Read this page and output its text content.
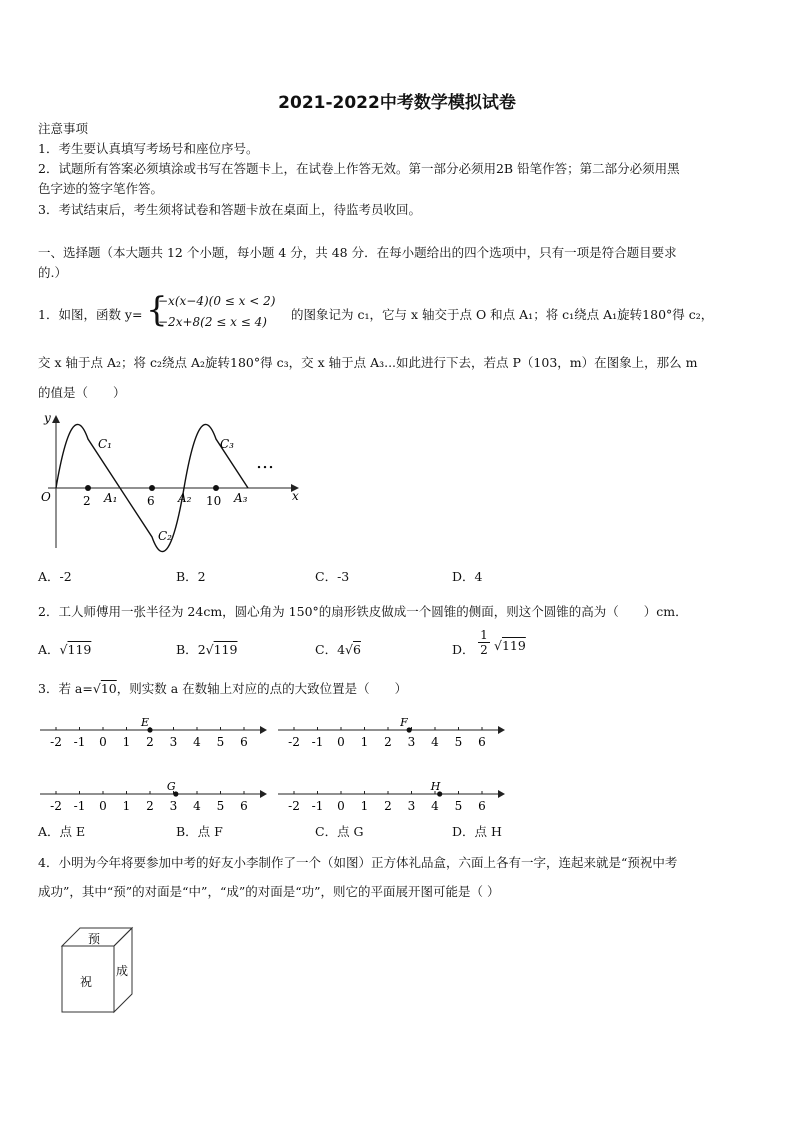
2021-2022中考数学模拟试卷
注意事项
1．考生要认真填写考场号和座位序号。
2．试题所有答案必须填涂或书写在答题卡上，在试卷上作答无效。第一部分必须用2B 铅笔作答；第二部分必须用黑
色字迹的签字笔作答。
3．考试结束后，考生须将试卷和答题卡放在桌面上，待监考员收回。
一、选择题（本大题共 12 个小题，每小题 4 分，共 48 分．在每小题给出的四个选项中，只有一项是符合题目要求
的.）
1．如图，函数 y= {
−x(x−4)(0 ≤ x < 2)
−2x+8(2 ≤ x ≤ 4) 的图象记为 c₁，它与 x 轴交于点 O 和点 A₁；将 c₁绕点 A₁旋转180°得 c₂，
交 x 轴于点 A₂；将 c₂绕点 A₂旋转180°得 c₃，交 x 轴于点 A₃...如此进行下去，若点 P（103，m）在图象上，那么 m
的值是（　　）
y
x
O	2	6	10
A₁	A₂	A₃
C₁
C₂
C₃
…
A．-2	B．2	C．-3	D．4
2．工人师傅用一张半径为 24cm，圆心角为 150°的扇形铁皮做成一个圆锥的侧面，则这个圆锥的高为（　　）cm．
A．√119	B．2√119	C．4√6	D． $\frac{1}{2} √119$
3．若 a=√10，则实数 a 在数轴上对应的点的大致位置是（　　）
-2 -1 0 1 2 3 4 5 6
E
-2 -1 0 1 2 3 4 5 6
F
-2 -1 0 1 2 3 4 5 6
G
-2 -1 0 1 2 3 4 5 6
H
A．点 E	B．点 F	C．点 G	D．点 H
4．小明为今年将要参加中考的好友小李制作了一个（如图）正方体礼品盒，六面上各有一字，连起来就是“预祝中考
成功”，其中“预”的对面是“中”，“成”的对面是“功”，则它的平面展开图可能是（ ）
预
祝
成
